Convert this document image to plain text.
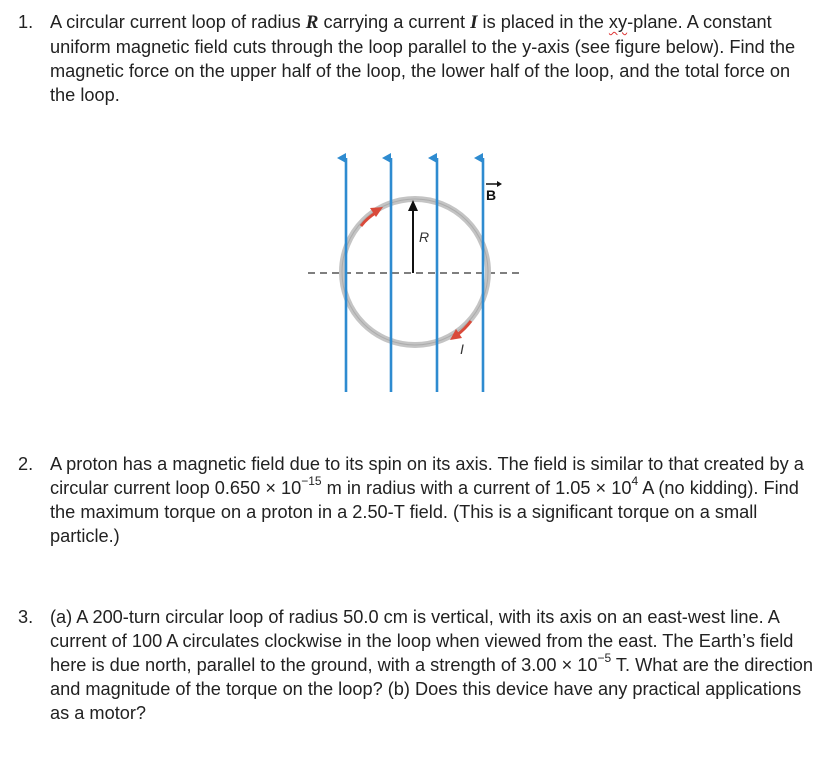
1. A circular current loop of radius R carrying a current I is placed in the xy-plane. A constant uniform magnetic field cuts through the loop parallel to the y-axis (see figure below). Find the magnetic force on the upper half of the loop, the lower half of the loop, and the total force on the loop.
B
R
I
2. A proton has a magnetic field due to its spin on its axis. The field is similar to that created by a circular current loop $0.650 \times 10^{-15}$ m in radius with a current of $1.05 \times 10^4$ A (no kidding). Find the maximum torque on a proton in a 2.50-T field. (This is a significant torque on a small particle.)
3. (a) A 200-turn circular loop of radius 50.0 cm is vertical, with its axis on an east-west line. A current of 100 A circulates clockwise in the loop when viewed from the east. The Earth’s field here is due north, parallel to the ground, with a strength of $3.00 \times 10^{-5}$ T. What are the direction and magnitude of the torque on the loop? (b) Does this device have any practical applications as a motor?
